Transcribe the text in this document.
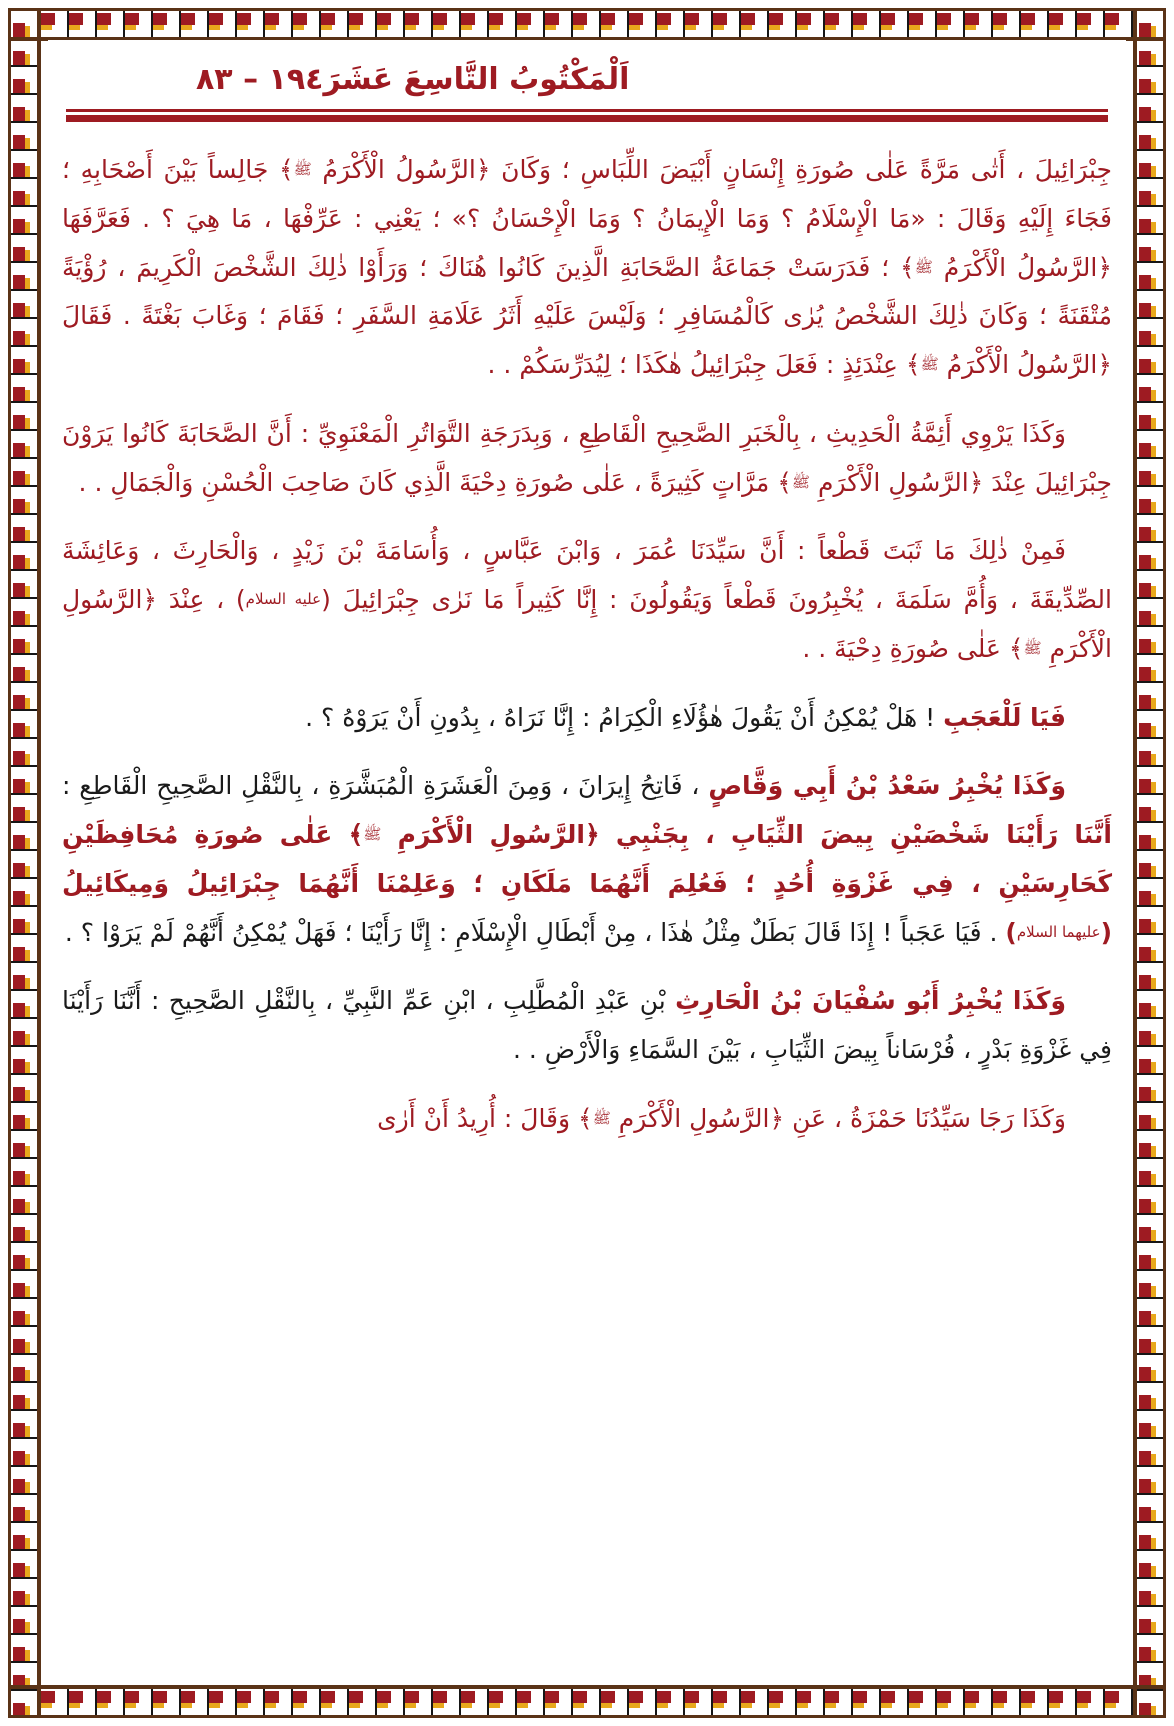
١٩٤ – ٨٣ اَلْمَكْتُوبُ التَّاسِعَ عَشَرَ

جِبْرَائِيلَ ، أَتٰى مَرَّةً عَلٰى صُورَةِ إِنْسَانٍ أَبْيَضَ اللِّبَاسِ ؛ وَكَانَ ﴿الرَّسُولُ الْأَكْرَمُ ﷺ﴾ جَالِساً بَيْنَ أَصْحَابِهِ ؛ فَجَاءَ إِلَيْهِ وَقَالَ : «مَا الْإِسْلَامُ ؟ وَمَا الْإِيمَانُ ؟ وَمَا الْإِحْسَانُ ؟» ؛ يَعْنِي : عَرِّفْهَا ، مَا هِيَ ؟ . فَعَرَّفَهَا ﴿الرَّسُولُ الْأَكْرَمُ ﷺ﴾ ؛ فَدَرَسَتْ جَمَاعَةُ الصَّحَابَةِ الَّذِينَ كَانُوا هُنَاكَ ؛ وَرَأَوْا ذٰلِكَ الشَّخْصَ الْكَرِيمَ ، رُؤْيَةً مُتْقَنَةً ؛ وَكَانَ ذٰلِكَ الشَّخْصُ يُرٰى كَالْمُسَافِرِ ؛ وَلَيْسَ عَلَيْهِ أَثَرُ عَلَامَةِ السَّفَرِ ؛ فَقَامَ ؛ وَغَابَ بَغْتَةً . فَقَالَ ﴿الرَّسُولُ الْأَكْرَمُ ﷺ﴾ عِنْدَئِذٍ : فَعَلَ جِبْرَائِيلُ هٰكَذَا ؛ لِيُدَرِّسَكُمْ . .

وَكَذَا يَرْوِي أَئِمَّةُ الْحَدِيثِ ، بِالْخَبَرِ الصَّحِيحِ الْقَاطِعِ ، وَبِدَرَجَةِ التَّوَاتُرِ الْمَعْنَوِيِّ : أَنَّ الصَّحَابَةَ كَانُوا يَرَوْنَ جِبْرَائِيلَ عِنْدَ ﴿الرَّسُولِ الْأَكْرَمِ ﷺ﴾ مَرَّاتٍ كَثِيرَةً ، عَلٰى صُورَةِ دِحْيَةَ الَّذِي كَانَ صَاحِبَ الْحُسْنِ وَالْجَمَالِ . .

فَمِنْ ذٰلِكَ مَا ثَبَتَ قَطْعاً : أَنَّ سَيِّدَنَا عُمَرَ ، وَابْنَ عَبَّاسٍ ، وَأُسَامَةَ بْنَ زَيْدٍ ، وَالْحَارِثَ ، وَعَائِشَةَ الصِّدِّيقَةَ ، وَأُمَّ سَلَمَةَ ، يُخْبِرُونَ قَطْعاً وَيَقُولُونَ : إِنَّا كَثِيراً مَا نَرٰى جِبْرَائِيلَ (عليه السلام) ، عِنْدَ ﴿الرَّسُولِ الْأَكْرَمِ ﷺ﴾ عَلٰى صُورَةِ دِحْيَةَ . .

فَيَا لَلْعَجَبِ ! هَلْ يُمْكِنُ أَنْ يَقُولَ هٰؤُلَاءِ الْكِرَامُ : إِنَّا نَرَاهُ ، بِدُونِ أَنْ يَرَوْهُ ؟ .

وَكَذَا يُخْبِرُ سَعْدُ بْنُ أَبِي وَقَّاصٍ ، فَاتِحُ إِيرَانَ ، وَمِنَ الْعَشَرَةِ الْمُبَشَّرَةِ ، بِالنَّقْلِ الصَّحِيحِ الْقَاطِعِ : أَنَّنَا رَأَيْنَا شَخْصَيْنِ بِيضَ الثِّيَابِ ، بِجَنْبِي ﴿الرَّسُولِ الْأَكْرَمِ ﷺ﴾ عَلٰى صُورَةِ مُحَافِظَيْنِ كَحَارِسَيْنِ ، فِي غَزْوَةِ أُحُدٍ ؛ فَعُلِمَ أَنَّهُمَا مَلَكَانِ ؛ وَعَلِمْنَا أَنَّهُمَا جِبْرَائِيلُ وَمِيكَائِيلُ (عليهما السلام) . فَيَا عَجَباً ! إِذَا قَالَ بَطَلٌ مِثْلُ هٰذَا ، مِنْ أَبْطَالِ الْإِسْلَامِ : إِنَّا رَأَيْنَا ؛ فَهَلْ يُمْكِنُ أَنَّهُمْ لَمْ يَرَوْا ؟ .

وَكَذَا يُخْبِرُ أَبُو سُفْيَانَ بْنُ الْحَارِثِ بْنِ عَبْدِ الْمُطَّلِبِ ، ابْنِ عَمِّ النَّبِيِّ ، بِالنَّقْلِ الصَّحِيحِ : أَنَّنَا رَأَيْنَا فِي غَزْوَةِ بَدْرٍ ، فُرْسَاناً بِيضَ الثِّيَابِ ، بَيْنَ السَّمَاءِ وَالْأَرْضِ . .

وَكَذَا رَجَا سَيِّدُنَا حَمْزَةُ ، عَنِ ﴿الرَّسُولِ الْأَكْرَمِ ﷺ﴾ وَقَالَ : أُرِيدُ أَنْ أَرٰى
